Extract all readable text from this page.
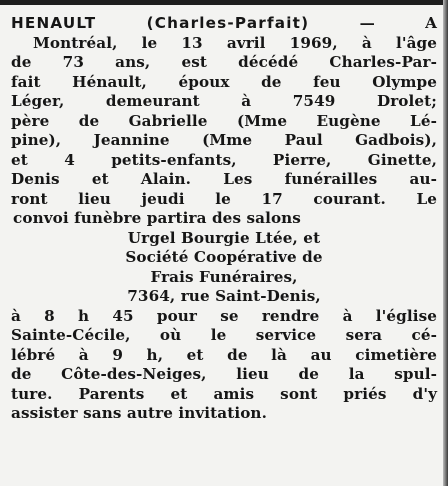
HENAULT	(Charles-Parfait)	— A
Montréal, le 13 avril 1969, à l'âge
de 73 ans, est décédé Charles-Par-
fait Hénault, époux de feu Olympe
Léger, demeurant à 7549 Drolet;
père de Gabrielle (Mme Eugène Lé-
pine), Jeannine (Mme Paul Gadbois),
et 4 petits-enfants, Pierre, Ginette,
Denis et Alain. Les funérailles au-
ront lieu jeudi le 17 courant. Le
convoi funèbre partira des salons
Urgel Bourgie Ltée, et
Société Coopérative de
Frais Funéraires,
7364, rue Saint-Denis,
à 8 h 45 pour se rendre à l'église
Sainte-Cécile, où le service sera cé-
lébré à 9 h, et de là au cimetière
de Côte-des-Neiges, lieu de la spul-
ture. Parents et amis sont priés d'y
assister sans autre invitation.
